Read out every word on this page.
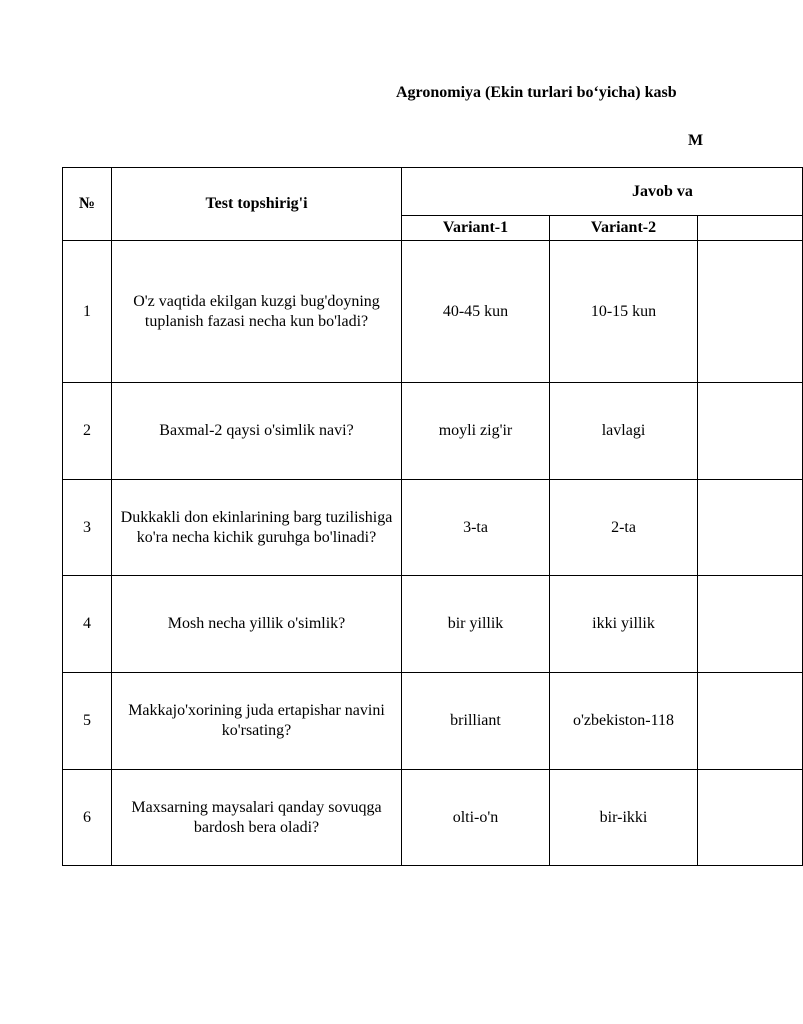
Agronomiya (Ekin turlari bo‘yicha) kasb
M
№	Test topshirig'i	Javob va		
		Variant-1	Variant-2	
1	O'z vaqtida ekilgan kuzgi bug'doyning tuplanish fazasi necha kun bo'ladi?	40-45 kun	10-15 kun	
2	Baxmal-2 qaysi o'simlik navi?	moyli zig'ir	lavlagi	
3	Dukkakli don ekinlarining barg tuzilishiga ko'ra necha kichik guruhga bo'linadi?	3-ta	2-ta	
4	Mosh necha yillik o'simlik?	bir yillik	ikki yillik	
5	Makkajo'xorining juda ertapishar navini ko'rsating?	brilliant	o'zbekiston-118	
6	Maxsarning maysalari qanday sovuqga bardosh bera oladi?	olti-o'n	bir-ikki	
